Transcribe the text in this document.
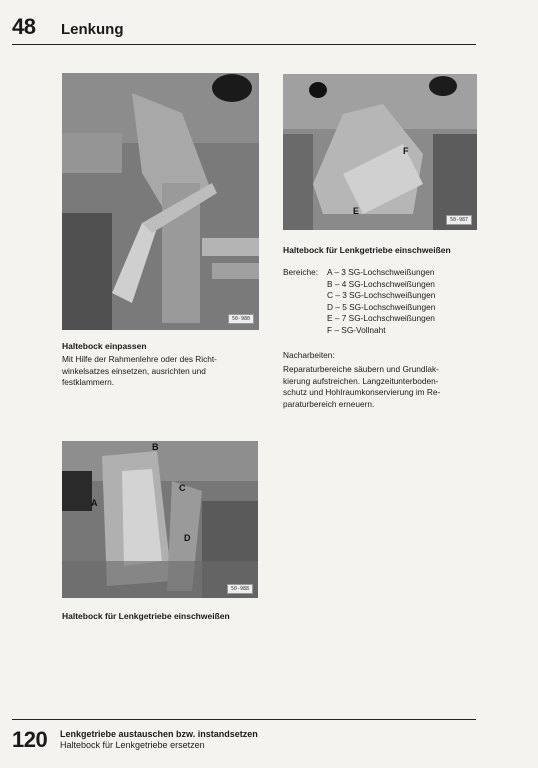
48 Lenkung
50-980
F
E
50-987
Haltebock einpassen

Mit Hilfe der Rahmenlehre oder des Richt-

winkelsatzes einsetzen, ausrichten und

festklammern.

Haltebock für Lenkgetriebe einschweißen
Bereiche:	A – 3 SG-Lochschweißungen
B – 4 SG-Lochschweißungen
C – 3 SG-Lochschweißungen
D – 5 SG-Lochschweißungen
E – 7 SG-Lochschweißungen
F – SG-Vollnaht
Nacharbeiten:

Reparaturbereiche säubern und Grundlak-

kierung aufstreichen. Langzeitunterboden-

schutz und Hohlraumkonservierung im Re-

paraturbereich erneuern.

B
A
C
D
50-988
Haltebock für Lenkgetriebe einschweißen
120 Lenkgetriebe austauschen bzw. instandsetzen
Haltebock für Lenkgetriebe ersetzen
